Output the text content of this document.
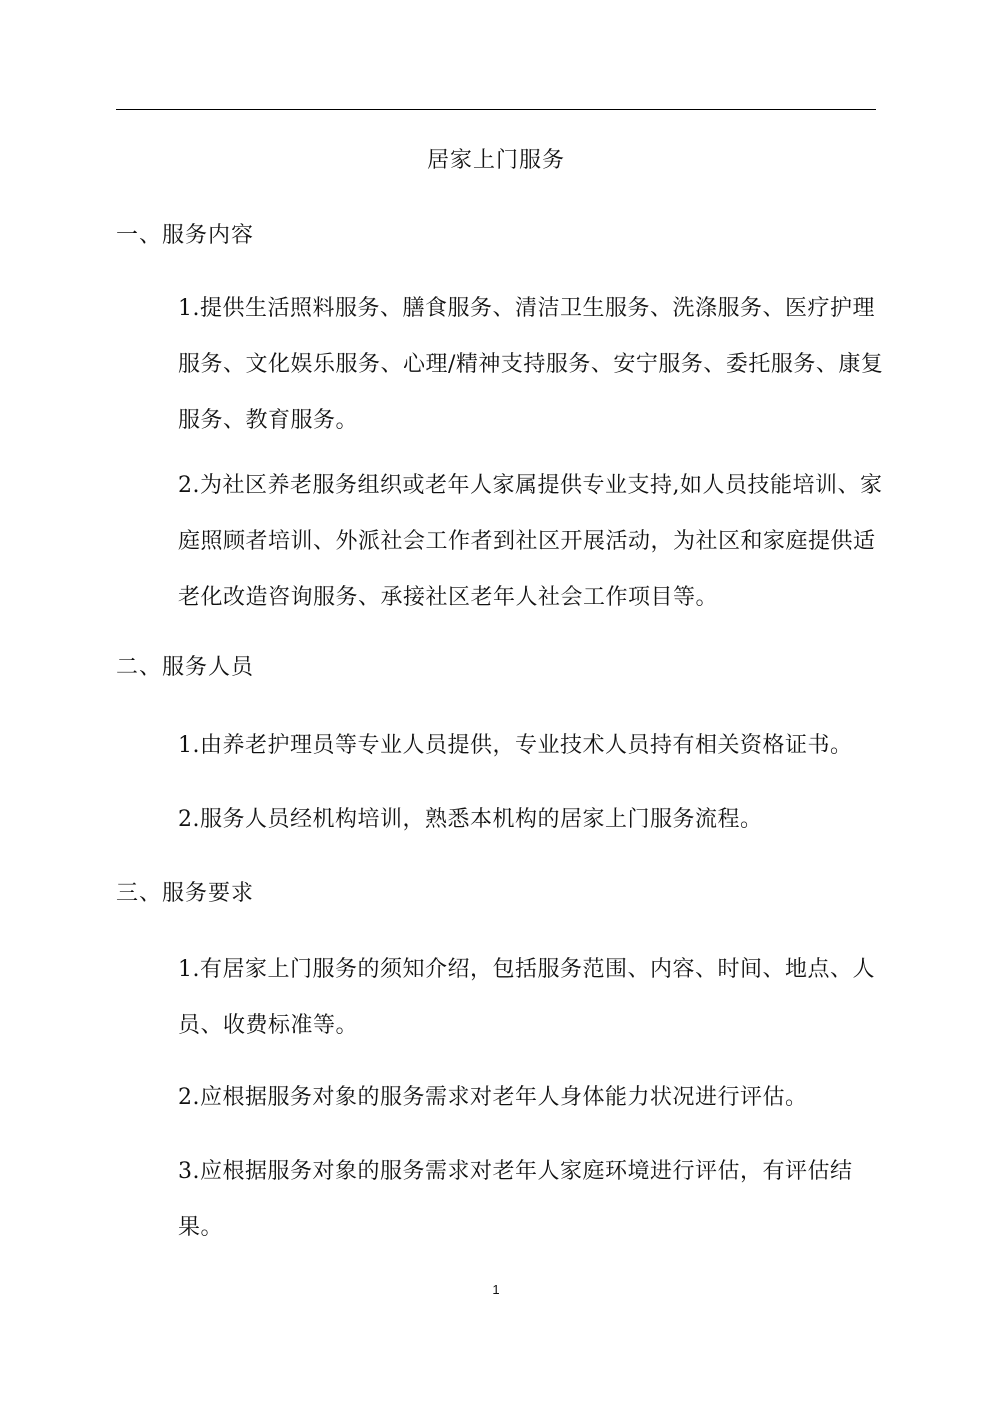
居家上门服务
一、服务内容

1.提供生活照料服务、膳食服务、清洁卫生服务、洗涤服务、医疗护理服务、文化娱乐服务、心理/精神支持服务、安宁服务、委托服务、康复服务、教育服务。

2.为社区养老服务组织或老年人家属提供专业支持,如人员技能培训、家庭照顾者培训、外派社会工作者到社区开展活动，为社区和家庭提供适老化改造咨询服务、承接社区老年人社会工作项目等。

二、服务人员

1.由养老护理员等专业人员提供，专业技术人员持有相关资格证书。

2.服务人员经机构培训，熟悉本机构的居家上门服务流程。

三、服务要求

1.有居家上门服务的须知介绍，包括服务范围、内容、时间、地点、人员、收费标准等。

2.应根据服务对象的服务需求对老年人身体能力状况进行评估。

3.应根据服务对象的服务需求对老年人家庭环境进行评估，有评估结果。

1
